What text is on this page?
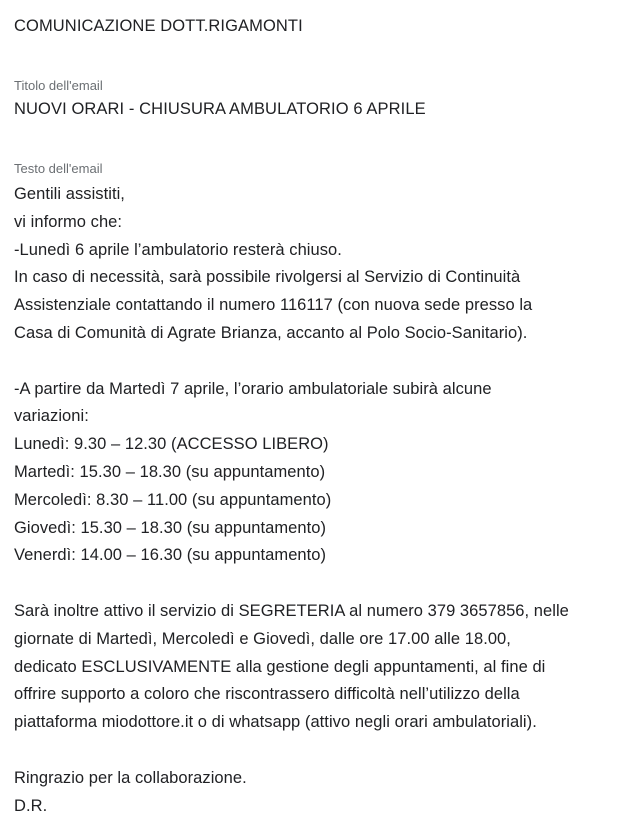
COMUNICAZIONE DOTT.RIGAMONTI

Titolo dell'email

NUOVI ORARI - CHIUSURA AMBULATORIO 6 APRILE

Testo dell'email

Gentili assistiti,
vi informo che:
-Lunedì 6 aprile l’ambulatorio resterà chiuso.
In caso di necessità, sarà possibile rivolgersi al Servizio di Continuità
Assistenziale contattando il numero 116117 (con nuova sede presso la
Casa di Comunità di Agrate Brianza, accanto al Polo Socio-Sanitario).
-A partire da Martedì 7 aprile, l’orario ambulatoriale subirà alcune
variazioni:
Lunedì: 9.30 – 12.30 (ACCESSO LIBERO)
Martedì: 15.30 – 18.30 (su appuntamento)
Mercoledì: 8.30 – 11.00 (su appuntamento)
Giovedì: 15.30 – 18.30 (su appuntamento)
Venerdì: 14.00 – 16.30 (su appuntamento)
Sarà inoltre attivo il servizio di SEGRETERIA al numero 379 3657856, nelle
giornate di Martedì, Mercoledì e Giovedì, dalle ore 17.00 alle 18.00,
dedicato ESCLUSIVAMENTE alla gestione degli appuntamenti, al fine di
offrire supporto a coloro che riscontrassero difficoltà nell’utilizzo della
piattaforma miodottore.it o di whatsapp (attivo negli orari ambulatoriali).
Ringrazio per la collaborazione.
D.R.
